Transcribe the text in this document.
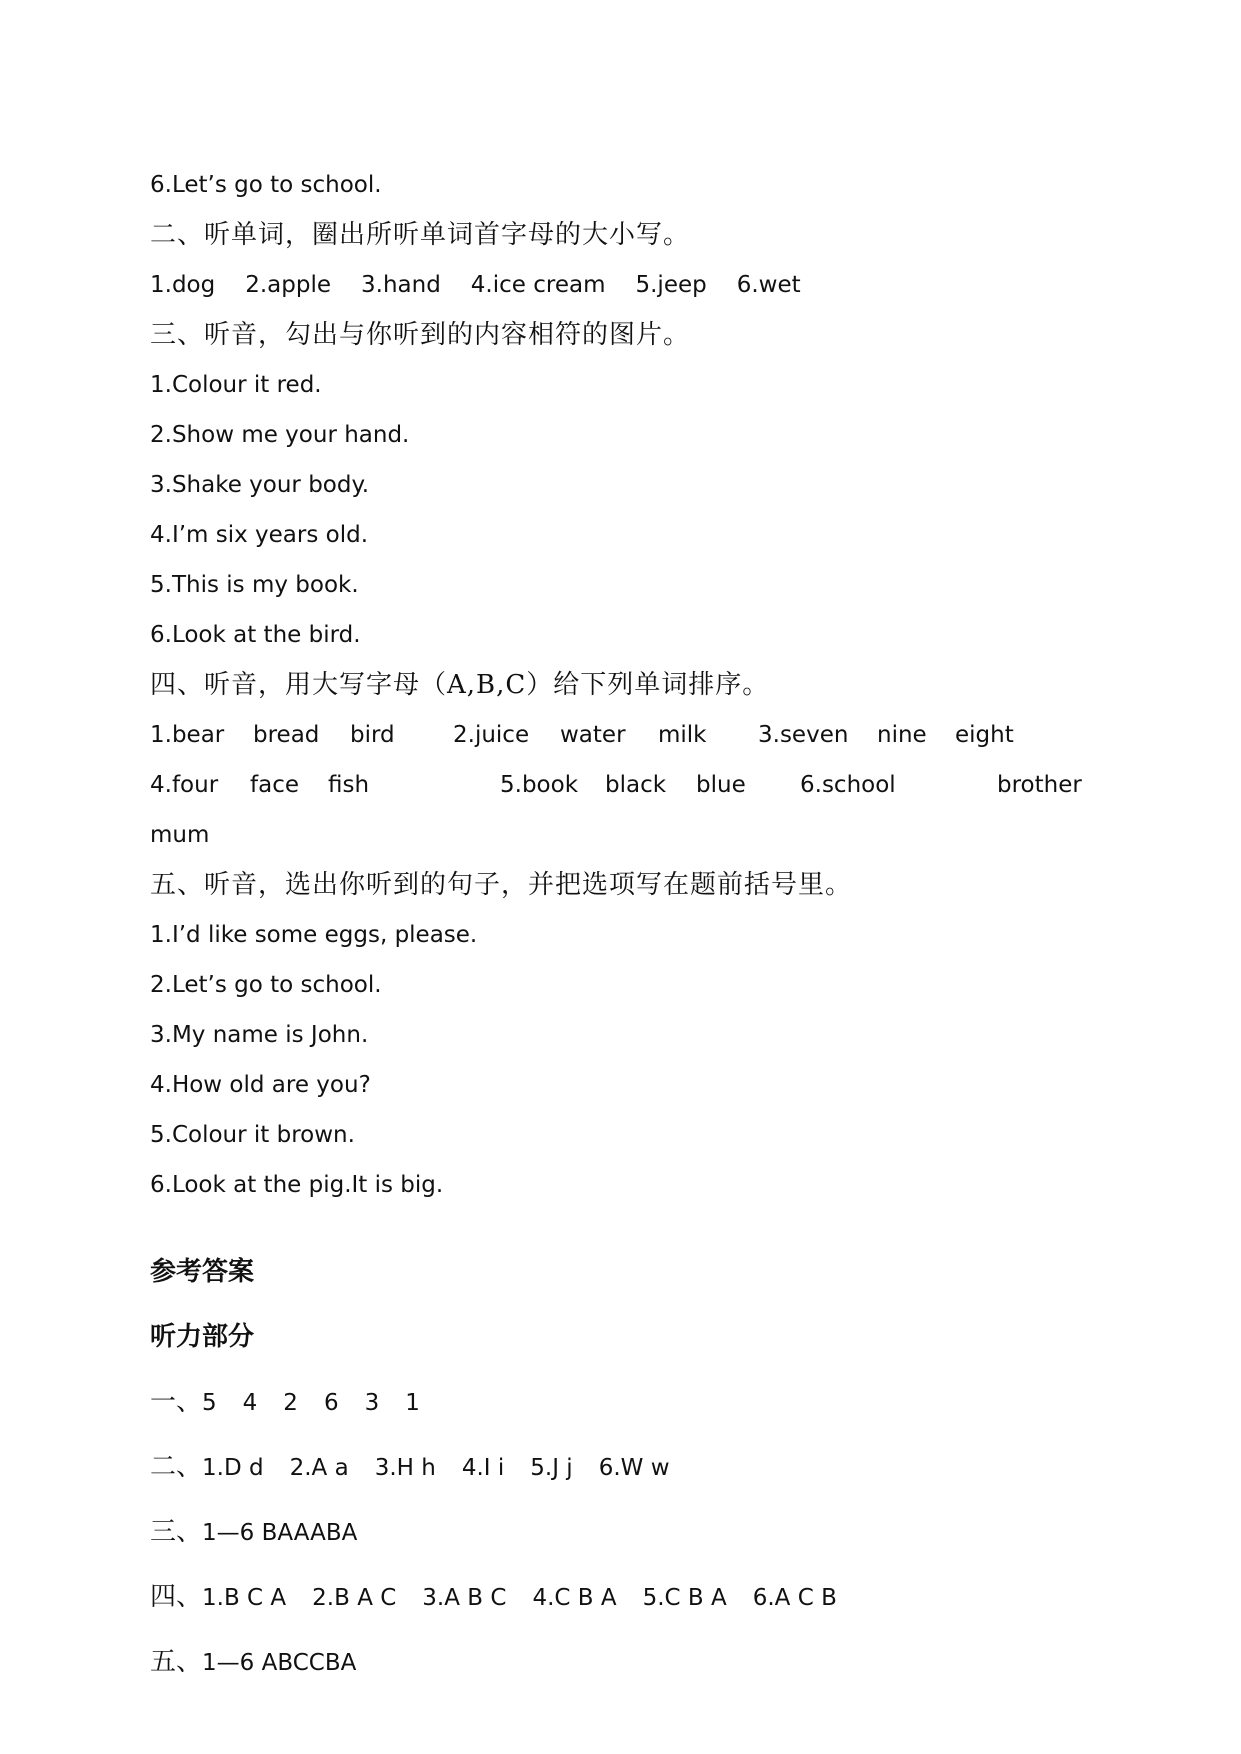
6.Let’s go to school.
二、听单词，圈出所听单词首字母的大小写。
1.dog 2.apple 3.hand 4.ice cream 5.jeep 6.wet
三、听音，勾出与你听到的内容相符的图片。
1.Colour it red.
2.Show me your hand.
3.Shake your body.
4.I’m six years old.
5.This is my book.
6.Look at the bird.
四、听音，用大写字母（A,B,C）给下列单词排序。
1.bear bread bird	2.juice water milk 3.seven nine eight
4.four face fish	5.book black blue 6.school	brother
mum
五、听音，选出你听到的句子，并把选项写在题前括号里。
1.I’d like some eggs, please.
2.Let’s go to school.
3.My name is John.
4.How old are you?
5.Colour it brown.
6.Look at the pig.It is big.
参考答案
听力部分
一、5 4 2 6 3 1
二、1.D d 2.A a 3.H h 4.I i 5.J j 6.W w
三、1—6 BAAABA
四、1.B C A 2.B A C 3.A B C 4.C B A 5.C B A 6.A C B
五、1—6 ABCCBA
